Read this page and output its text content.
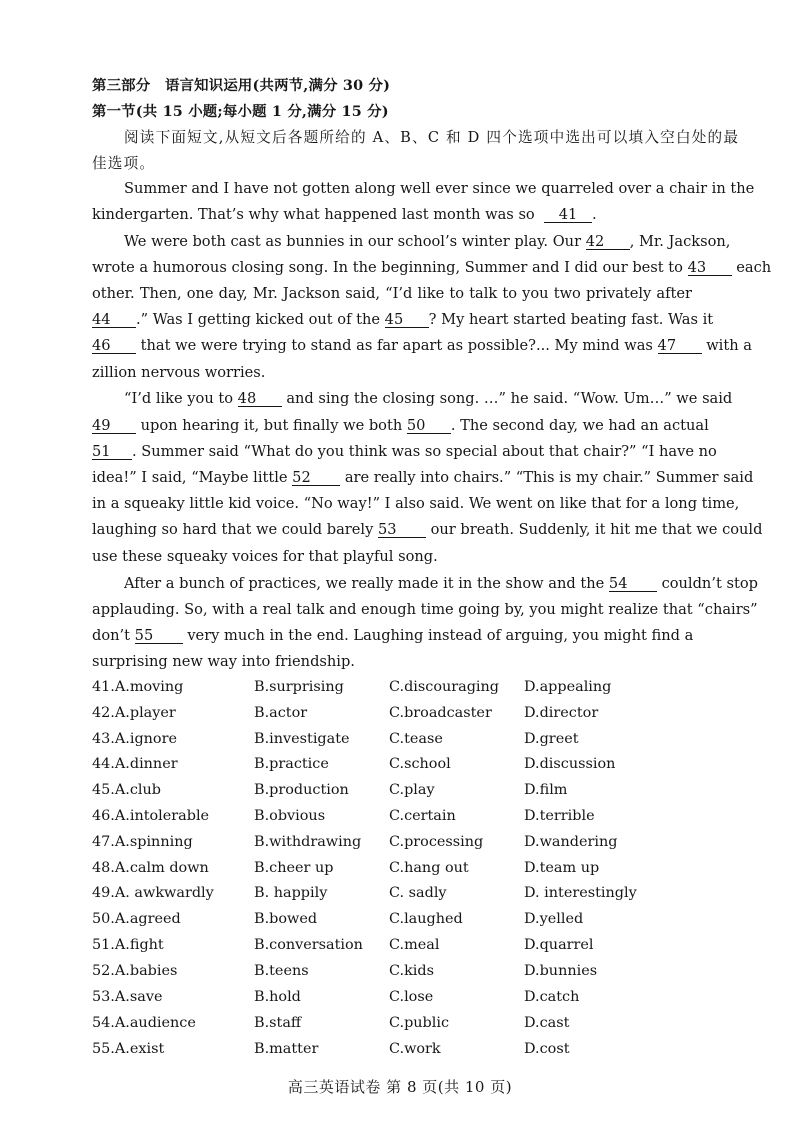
第三部分　语言知识运用(共两节,满分 30 分)
第一节(共 15 小题;每小题 1 分,满分 15 分)
阅读下面短文,从短文后各题所给的 A、B、C 和 D 四个选项中选出可以填入空白处的最
佳选项。
Summer and I have not gotten along well ever since we quarreled over a chair in the
kindergarten. That’s why what happened last month was so 41 .
We were both cast as bunnies in our school’s winter play. Our 42 , Mr. Jackson,
wrote a humorous closing song. In the beginning, Summer and I did our best to 43 each
other. Then, one day, Mr. Jackson said, “I’d like to talk to you two privately after
44 .” Was I getting kicked out of the 45 ? My heart started beating fast. Was it
46 that we were trying to stand as far apart as possible?... My mind was 47 with a
zillion nervous worries.
“I’d like you to 48 and sing the closing song. …” he said. “Wow. Um…” we said
49 upon hearing it, but finally we both 50 . The second day, we had an actual
51 . Summer said “What do you think was so special about that chair?” “I have no
idea!” I said, “Maybe little 52 are really into chairs.” “This is my chair.” Summer said
in a squeaky little kid voice. “No way!” I also said. We went on like that for a long time,
laughing so hard that we could barely 53 our breath. Suddenly, it hit me that we could
use these squeaky voices for that playful song.
After a bunch of practices, we really made it in the show and the 54 couldn’t stop
applauding. So, with a real talk and enough time going by, you might realize that “chairs”
don’t 55 very much in the end. Laughing instead of arguing, you might find a
surprising new way into friendship.
41.A.moving	B.surprising	C.discouraging D.appealing
42.A.player	B.actor	C.broadcaster D.director
43.A.ignore	B.investigate	C.tease	D.greet
44.A.dinner	B.practice	C.school	D.discussion
45.A.club	B.production	C.play	D.film
46.A.intolerable	B.obvious	C.certain	D.terrible
47.A.spinning	B.withdrawing C.processing	D.wandering
48.A.calm down	B.cheer up	C.hang out	D.team up
49.A. awkwardly	B. happily	C. sadly	D. interestingly
50.A.agreed	B.bowed	C.laughed	D.yelled
51.A.fight	B.conversation C.meal	D.quarrel
52.A.babies	B.teens	C.kids	D.bunnies
53.A.save	B.hold	C.lose	D.catch
54.A.audience	B.staff	C.public	D.cast
55.A.exist	B.matter	C.work	D.cost
高三英语试卷 第 8 页(共 10 页)
